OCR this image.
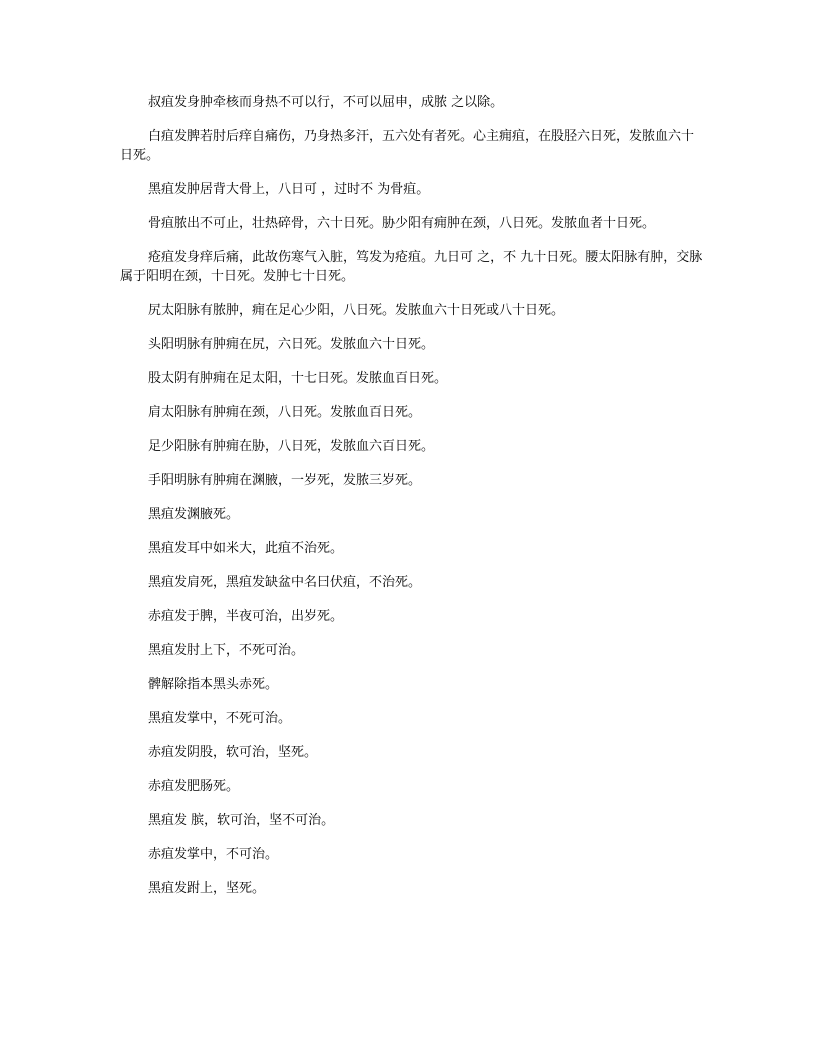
叔疽发身肿牵核而身热不可以行，不可以屈申，成脓 之以除。

白疽发脾若肘后痒自痛伤，乃身热多汗，五六处有者死。心主痈疽，在股胫六日死，发脓血六十日死。

黑疽发肿居背大骨上，八日可 ，过时不 为骨疽。

骨疽脓出不可止，壮热碎骨，六十日死。胁少阳有痈肿在颈，八日死。发脓血者十日死。

疮疽发身痒后痛，此故伤寒气入脏，笃发为疮疽。九日可 之，不 九十日死。腰太阳脉有肿，交脉属于阳明在颈，十日死。发肿七十日死。

尻太阳脉有脓肿，痈在足心少阳，八日死。发脓血六十日死或八十日死。

头阳明脉有肿痈在尻，六日死。发脓血六十日死。

股太阴有肿痈在足太阳，十七日死。发脓血百日死。

肩太阳脉有肿痈在颈，八日死。发脓血百日死。

足少阳脉有肿痈在胁，八日死，发脓血六百日死。

手阳明脉有肿痈在渊腋，一岁死，发脓三岁死。

黑疽发渊腋死。

黑疽发耳中如米大，此疽不治死。

黑疽发肩死，黑疽发缺盆中名曰伏疽，不治死。

赤疽发于脾，半夜可治，出岁死。

黑疽发肘上下，不死可治。

髀解除指本黑头赤死。

黑疽发掌中，不死可治。

赤疽发阴股，软可治，坚死。

赤疽发肥肠死。

黑疽发 膑，软可治，坚不可治。

赤疽发掌中，不可治。

黑疽发跗上，坚死。
